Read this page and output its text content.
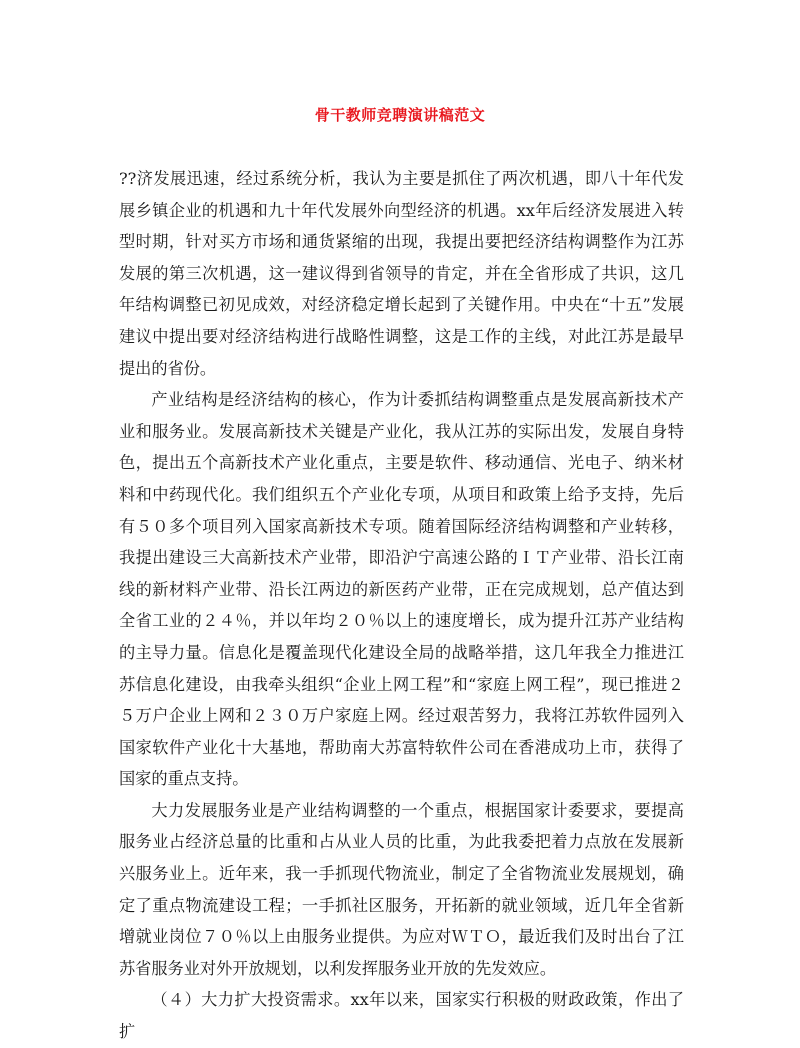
骨干教师竞聘演讲稿范文

??济发展迅速，经过系统分析，我认为主要是抓住了两次机遇，即八十年代发展乡镇企业的机遇和九十年代发展外向型经济的机遇。xx年后经济发展进入转型时期，针对买方市场和通货紧缩的出现，我提出要把经济结构调整作为江苏发展的第三次机遇，这一建议得到省领导的肯定，并在全省形成了共识，这几年结构调整已初见成效，对经济稳定增长起到了关键作用。中央在“十五”发展建议中提出要对经济结构进行战略性调整，这是工作的主线，对此江苏是最早提出的省份。

产业结构是经济结构的核心，作为计委抓结构调整重点是发展高新技术产业和服务业。发展高新技术关键是产业化，我从江苏的实际出发，发展自身特色，提出五个高新技术产业化重点，主要是软件、移动通信、光电子、纳米材料和中药现代化。我们组织五个产业化专项，从项目和政策上给予支持，先后有５０多个项目列入国家高新技术专项。随着国际经济结构调整和产业转移，我提出建设三大高新技术产业带，即沿沪宁高速公路的ＩＴ产业带、沿长江南线的新材料产业带、沿长江两边的新医药产业带，正在完成规划，总产值达到全省工业的２４％，并以年均２０％以上的速度增长，成为提升江苏产业结构的主导力量。信息化是覆盖现代化建设全局的战略举措，这几年我全力推进江苏信息化建设，由我牵头组织“企业上网工程”和“家庭上网工程”，现已推进２５万户企业上网和２３０万户家庭上网。经过艰苦努力，我将江苏软件园列入国家软件产业化十大基地，帮助南大苏富特软件公司在香港成功上市，获得了国家的重点支持。

大力发展服务业是产业结构调整的一个重点，根据国家计委要求，要提高服务业占经济总量的比重和占从业人员的比重，为此我委把着力点放在发展新兴服务业上。近年来，我一手抓现代物流业，制定了全省物流业发展规划，确定了重点物流建设工程；一手抓社区服务，开拓新的就业领域，近几年全省新增就业岗位７０％以上由服务业提供。为应对ＷＴＯ，最近我们及时出台了江苏省服务业对外开放规划，以利发挥服务业开放的先发效应。

（４）大力扩大投资需求。xx年以来，国家实行积极的财政政策，作出了扩
